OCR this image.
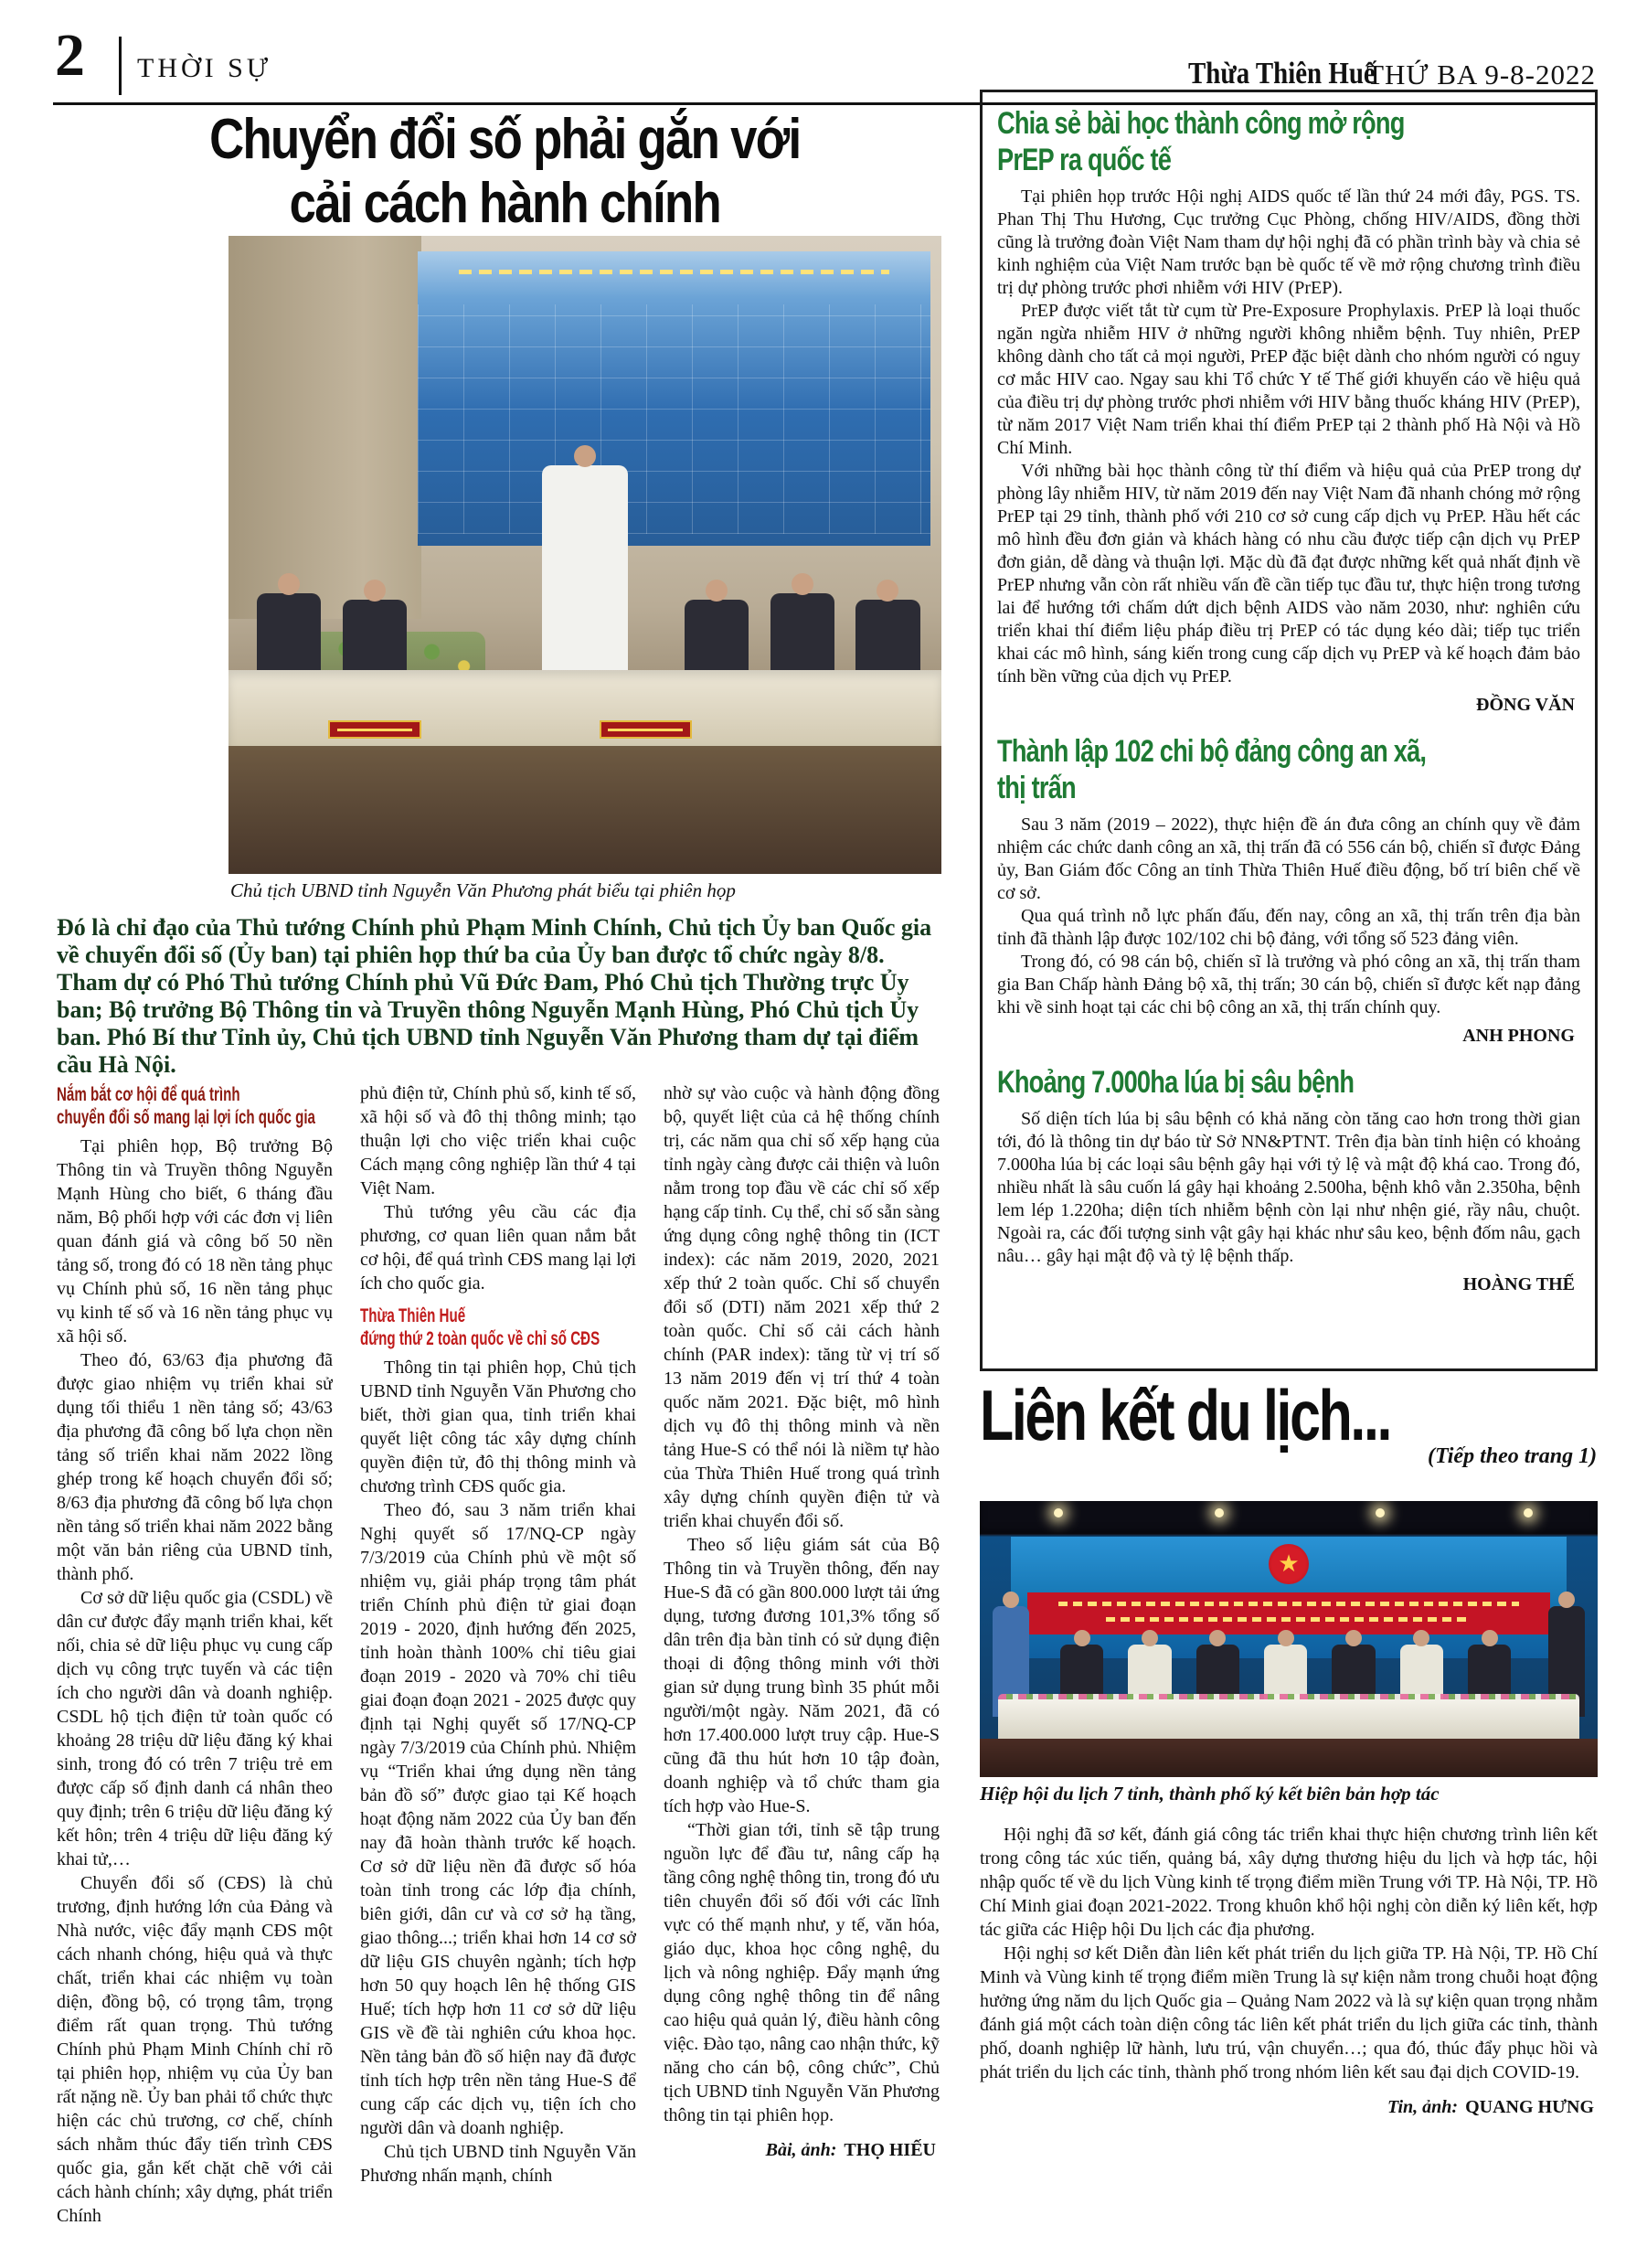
2 THỜI SỰ	Thừa Thiên Huế
THỨ BA 9-8-2022
Chuyển đổi số phải gắn với
cải cách hành chính
Chủ tịch UBND tỉnh Nguyễn Văn Phương phát biểu tại phiên họp
Đó là chỉ đạo của Thủ tướng Chính phủ Phạm Minh Chính, Chủ tịch Ủy ban Quốc gia về chuyển đổi số (Ủy ban) tại phiên họp thứ ba của Ủy ban được tổ chức ngày 8/8. Tham dự có Phó Thủ tướng Chính phủ Vũ Đức Đam, Phó Chủ tịch Thường trực Ủy ban; Bộ trưởng Bộ Thông tin và Truyền thông Nguyễn Mạnh Hùng, Phó Chủ tịch Ủy ban. Phó Bí thư Tỉnh ủy, Chủ tịch UBND tỉnh Nguyễn Văn Phương tham dự tại điểm cầu Hà Nội.
Nắm bắt cơ hội để quá trình
chuyển đổi số mang lại lợi ích quốc gia

Tại phiên họp, Bộ trưởng Bộ Thông tin và Truyền thông Nguyễn Mạnh Hùng cho biết, 6 tháng đầu năm, Bộ phối hợp với các đơn vị liên quan đánh giá và công bố 50 nền tảng số, trong đó có 18 nền tảng phục vụ Chính phủ số, 16 nền tảng phục vụ kinh tế số và 16 nền tảng phục vụ xã hội số.

Theo đó, 63/63 địa phương đã được giao nhiệm vụ triển khai sử dụng tối thiểu 1 nền tảng số; 43/63 địa phương đã công bố lựa chọn nền tảng số triển khai năm 2022 lồng ghép trong kế hoạch chuyển đổi số; 8/63 địa phương đã công bố lựa chọn nền tảng số triển khai năm 2022 bằng một văn bản riêng của UBND tỉnh, thành phố.

Cơ sở dữ liệu quốc gia (CSDL) về dân cư được đẩy mạnh triển khai, kết nối, chia sẻ dữ liệu phục vụ cung cấp dịch vụ công trực tuyến và các tiện ích cho người dân và doanh nghiệp. CSDL hộ tịch điện tử toàn quốc có khoảng 28 triệu dữ liệu đăng ký khai sinh, trong đó có trên 7 triệu trẻ em được cấp số định danh cá nhân theo quy định; trên 6 triệu dữ liệu đăng ký kết hôn; trên 4 triệu dữ liệu đăng ký khai tử,…

Chuyển đổi số (CĐS) là chủ trương, định hướng lớn của Đảng và Nhà nước, việc đẩy mạnh CĐS một cách nhanh chóng, hiệu quả và thực chất, triển khai các nhiệm vụ toàn diện, đồng bộ, có trọng tâm, trọng điểm rất quan trọng. Thủ tướng Chính phủ Phạm Minh Chính chỉ rõ tại phiên họp, nhiệm vụ của Ủy ban rất nặng nề. Ủy ban phải tổ chức thực hiện các chủ trương, cơ chế, chính sách nhằm thúc đẩy tiến trình CĐS quốc gia, gắn kết chặt chẽ với cải cách hành chính; xây dựng, phát triển Chính

phủ điện tử, Chính phủ số, kinh tế số, xã hội số và đô thị thông minh; tạo thuận lợi cho việc triển khai cuộc Cách mạng công nghiệp lần thứ 4 tại Việt Nam.

Thủ tướng yêu cầu các địa phương, cơ quan liên quan nắm bắt cơ hội, để quá trình CĐS mang lại lợi ích cho quốc gia.

Thừa Thiên Huế
đứng thứ 2 toàn quốc về chỉ số CĐS

Thông tin tại phiên họp, Chủ tịch UBND tỉnh Nguyễn Văn Phương cho biết, thời gian qua, tỉnh triển khai quyết liệt công tác xây dựng chính quyền điện tử, đô thị thông minh và chương trình CĐS quốc gia.

Theo đó, sau 3 năm triển khai Nghị quyết số 17/NQ-CP ngày 7/3/2019 của Chính phủ về một số nhiệm vụ, giải pháp trọng tâm phát triển Chính phủ điện tử giai đoạn 2019 - 2020, định hướng đến 2025, tỉnh hoàn thành 100% chỉ tiêu giai đoạn 2019 - 2020 và 70% chỉ tiêu giai đoạn đoạn 2021 - 2025 được quy định tại Nghị quyết số 17/NQ-CP ngày 7/3/2019 của Chính phủ. Nhiệm vụ “Triển khai ứng dụng nền tảng bản đồ số” được giao tại Kế hoạch hoạt động năm 2022 của Ủy ban đến nay đã hoàn thành trước kế hoạch. Cơ sở dữ liệu nền đã được số hóa toàn tỉnh trong các lớp địa chính, biên giới, dân cư và cơ sở hạ tầng, giao thông...; triển khai hơn 14 cơ sở dữ liệu GIS chuyên ngành; tích hợp hơn 50 quy hoạch lên hệ thống GIS Huế; tích hợp hơn 11 cơ sở dữ liệu GIS về đề tài nghiên cứu khoa học. Nền tảng bản đồ số hiện nay đã được tỉnh tích hợp trên nền tảng Hue-S để cung cấp các dịch vụ, tiện ích cho người dân và doanh nghiệp.

Chủ tịch UBND tỉnh Nguyễn Văn Phương nhấn mạnh, chính

nhờ sự vào cuộc và hành động đồng bộ, quyết liệt của cả hệ thống chính trị, các năm qua chỉ số xếp hạng của tỉnh ngày càng được cải thiện và luôn nằm trong top đầu về các chỉ số xếp hạng cấp tỉnh. Cụ thể, chỉ số sẵn sàng ứng dụng công nghệ thông tin (ICT index): các năm 2019, 2020, 2021 xếp thứ 2 toàn quốc. Chỉ số chuyển đổi số (DTI) năm 2021 xếp thứ 2 toàn quốc. Chỉ số cải cách hành chính (PAR index): tăng từ vị trí số 13 năm 2019 đến vị trí thứ 4 toàn quốc năm 2021. Đặc biệt, mô hình dịch vụ đô thị thông minh và nền tảng Hue-S có thể nói là niềm tự hào của Thừa Thiên Huế trong quá trình xây dựng chính quyền điện tử và triển khai chuyển đổi số.

Theo số liệu giám sát của Bộ Thông tin và Truyền thông, đến nay Hue-S đã có gần 800.000 lượt tải ứng dụng, tương đương 101,3% tổng số dân trên địa bàn tỉnh có sử dụng điện thoại di động thông minh với thời gian sử dụng trung bình 35 phút mỗi người/một ngày. Năm 2021, đã có hơn 17.400.000 lượt truy cập. Hue-S cũng đã thu hút hơn 10 tập đoàn, doanh nghiệp và tổ chức tham gia tích hợp vào Hue-S.

“Thời gian tới, tỉnh sẽ tập trung nguồn lực để đầu tư, nâng cấp hạ tầng công nghệ thông tin, trong đó ưu tiên chuyển đổi số đối với các lĩnh vực có thế mạnh như, y tế, văn hóa, giáo dục, khoa học công nghệ, du lịch và nông nghiệp. Đẩy mạnh ứng dụng công nghệ thông tin để nâng cao hiệu quả quản lý, điều hành công việc. Đào tạo, nâng cao nhận thức, kỹ năng cho cán bộ, công chức”, Chủ tịch UBND tỉnh Nguyễn Văn Phương thông tin tại phiên họp.

Bài, ảnh: THỌ HIẾU
Chia sẻ bài học thành công mở rộng
PrEP ra quốc tế

Tại phiên họp trước Hội nghị AIDS quốc tế lần thứ 24 mới đây, PGS. TS. Phan Thị Thu Hương, Cục trưởng Cục Phòng, chống HIV/AIDS, đồng thời cũng là trưởng đoàn Việt Nam tham dự hội nghị đã có phần trình bày và chia sẻ kinh nghiệm của Việt Nam trước bạn bè quốc tế về mở rộng chương trình điều trị dự phòng trước phơi nhiễm với HIV (PrEP).

PrEP được viết tắt từ cụm từ Pre-Exposure Prophylaxis. PrEP là loại thuốc ngăn ngừa nhiễm HIV ở những người không nhiễm bệnh. Tuy nhiên, PrEP không dành cho tất cả mọi người, PrEP đặc biệt dành cho nhóm người có nguy cơ mắc HIV cao. Ngay sau khi Tổ chức Y tế Thế giới khuyến cáo về hiệu quả của điều trị dự phòng trước phơi nhiễm với HIV bằng thuốc kháng HIV (PrEP), từ năm 2017 Việt Nam triển khai thí điểm PrEP tại 2 thành phố Hà Nội và Hồ Chí Minh.

Với những bài học thành công từ thí điểm và hiệu quả của PrEP trong dự phòng lây nhiễm HIV, từ năm 2019 đến nay Việt Nam đã nhanh chóng mở rộng PrEP tại 29 tỉnh, thành phố với 210 cơ sở cung cấp dịch vụ PrEP. Hầu hết các mô hình đều đơn giản và khách hàng có nhu cầu được tiếp cận dịch vụ PrEP đơn giản, dễ dàng và thuận lợi. Mặc dù đã đạt được những kết quả nhất định về PrEP nhưng vẫn còn rất nhiều vấn đề cần tiếp tục đầu tư, thực hiện trong tương lai để hướng tới chấm dứt dịch bệnh AIDS vào năm 2030, như: nghiên cứu triển khai thí điểm liệu pháp điều trị PrEP có tác dụng kéo dài; tiếp tục triển khai các mô hình, sáng kiến trong cung cấp dịch vụ PrEP và kế hoạch đảm bảo tính bền vững của dịch vụ PrEP.

ĐỒNG VĂN
Thành lập 102 chi bộ đảng công an xã,
thị trấn

Sau 3 năm (2019 – 2022), thực hiện đề án đưa công an chính quy về đảm nhiệm các chức danh công an xã, thị trấn đã có 556 cán bộ, chiến sĩ được Đảng ủy, Ban Giám đốc Công an tỉnh Thừa Thiên Huế điều động, bố trí biên chế về cơ sở.

Qua quá trình nỗ lực phấn đấu, đến nay, công an xã, thị trấn trên địa bàn tỉnh đã thành lập được 102/102 chi bộ đảng, với tổng số 523 đảng viên.

Trong đó, có 98 cán bộ, chiến sĩ là trưởng và phó công an xã, thị trấn tham gia Ban Chấp hành Đảng bộ xã, thị trấn; 30 cán bộ, chiến sĩ được kết nạp đảng khi về sinh hoạt tại các chi bộ công an xã, thị trấn chính quy.

ANH PHONG
Khoảng 7.000ha lúa bị sâu bệnh

Số diện tích lúa bị sâu bệnh có khả năng còn tăng cao hơn trong thời gian tới, đó là thông tin dự báo từ Sở NN&PTNT. Trên địa bàn tỉnh hiện có khoảng 7.000ha lúa bị các loại sâu bệnh gây hại với tỷ lệ và mật độ khá cao. Trong đó, nhiều nhất là sâu cuốn lá gây hại khoảng 2.500ha, bệnh khô vằn 2.350ha, bệnh lem lép 1.220ha; diện tích nhiễm bệnh còn lại như nhện gié, rầy nâu, chuột. Ngoài ra, các đối tượng sinh vật gây hại khác như sâu keo, bệnh đốm nâu, gạch nâu… gây hại mật độ và tỷ lệ bệnh thấp.

HOÀNG THẾ
Liên kết du lịch...
(Tiếp theo trang 1)
★
Hiệp hội du lịch 7 tỉnh, thành phố ký kết biên bản hợp tác

Hội nghị đã sơ kết, đánh giá công tác triển khai thực hiện chương trình liên kết trong công tác xúc tiến, quảng bá, xây dựng thương hiệu du lịch và hợp tác, hội nhập quốc tế về du lịch Vùng kinh tế trọng điểm miền Trung với TP. Hà Nội, TP. Hồ Chí Minh giai đoạn 2021-2022. Trong khuôn khổ hội nghị còn diễn ký liên kết, hợp tác giữa các Hiệp hội Du lịch các địa phương.

Hội nghị sơ kết Diễn đàn liên kết phát triển du lịch giữa TP. Hà Nội, TP. Hồ Chí Minh và Vùng kinh tế trọng điểm miền Trung là sự kiện nằm trong chuỗi hoạt động hưởng ứng năm du lịch Quốc gia – Quảng Nam 2022 và là sự kiện quan trọng nhằm đánh giá một cách toàn diện công tác liên kết phát triển du lịch giữa các tỉnh, thành phố, doanh nghiệp lữ hành, lưu trú, vận chuyển…; qua đó, thúc đẩy phục hồi và phát triển du lịch các tỉnh, thành phố trong nhóm liên kết sau đại dịch COVID-19.

Tin, ảnh: QUANG HƯNG
